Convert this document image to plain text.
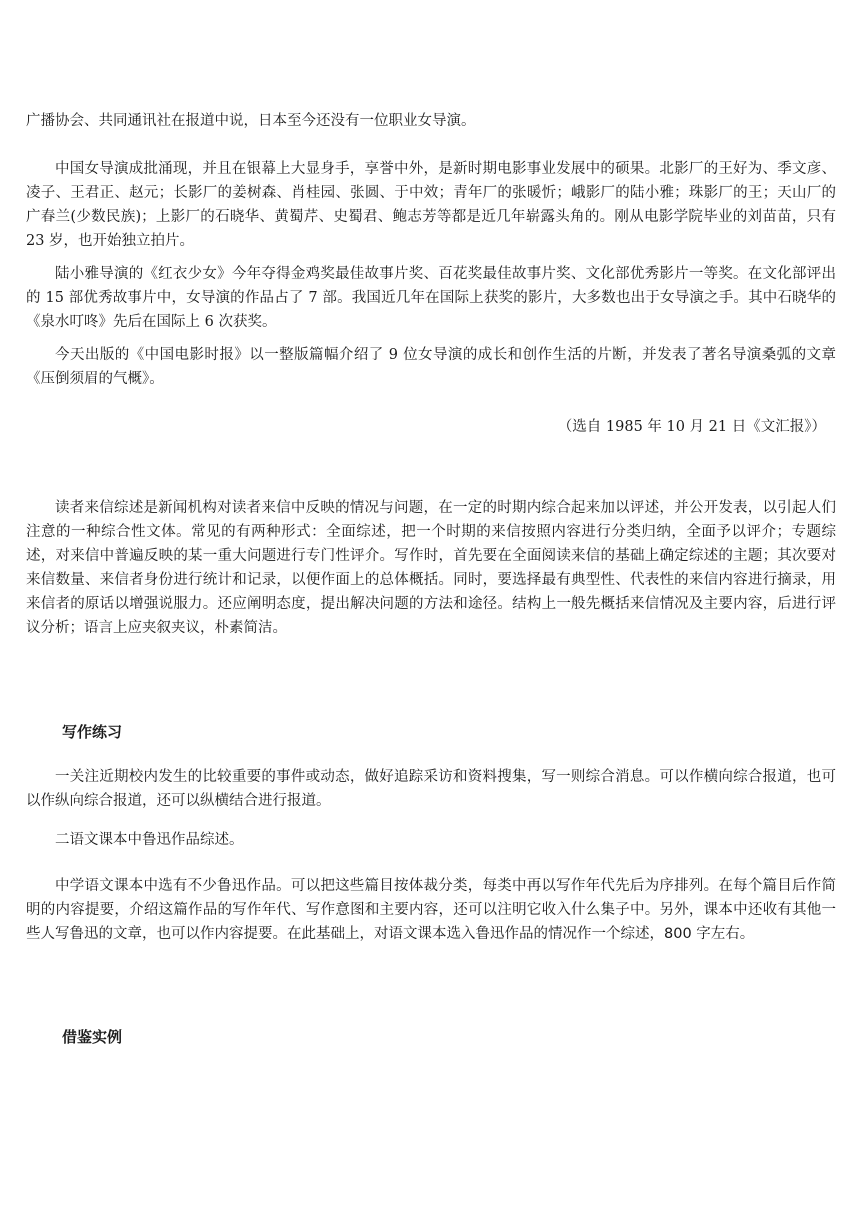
广播协会、共同通讯社在报道中说，日本至今还没有一位职业女导演。

中国女导演成批涌现，并且在银幕上大显身手，享誉中外，是新时期电影事业发展中的硕果。北影厂的王好为、季文彦、凌子、王君正、赵元；长影厂的姜树森、肖桂园、张圆、于中效；青年厂的张暖忻；峨影厂的陆小雅；珠影厂的王；天山厂的广春兰(少数民族)；上影厂的石晓华、黄蜀芹、史蜀君、鲍志芳等都是近几年崭露头角的。刚从电影学院毕业的刘苗苗，只有 23 岁，也开始独立拍片。

陆小雅导演的《红衣少女》今年夺得金鸡奖最佳故事片奖、百花奖最佳故事片奖、文化部优秀影片一等奖。在文化部评出的 15 部优秀故事片中，女导演的作品占了 7 部。我国近几年在国际上获奖的影片，大多数也出于女导演之手。其中石晓华的《泉水叮咚》先后在国际上 6 次获奖。

今天出版的《中国电影时报》以一整版篇幅介绍了 9 位女导演的成长和创作生活的片断，并发表了著名导演桑弧的文章《压倒须眉的气概》。

（选自 1985 年 10 月 21 日《文汇报》）

读者来信综述是新闻机构对读者来信中反映的情况与问题，在一定的时期内综合起来加以评述，并公开发表，以引起人们注意的一种综合性文体。常见的有两种形式：全面综述，把一个时期的来信按照内容进行分类归纳，全面予以评介；专题综述，对来信中普遍反映的某一重大问题进行专门性评介。写作时，首先要在全面阅读来信的基础上确定综述的主题；其次要对来信数量、来信者身份进行统计和记录，以便作面上的总体概括。同时，要选择最有典型性、代表性的来信内容进行摘录，用来信者的原话以增强说服力。还应阐明态度，提出解决问题的方法和途径。结构上一般先概括来信情况及主要内容，后进行评议分析；语言上应夹叙夹议，朴素简洁。

写作练习

一关注近期校内发生的比较重要的事件或动态，做好追踪采访和资料搜集，写一则综合消息。可以作横向综合报道，也可以作纵向综合报道，还可以纵横结合进行报道。

二语文课本中鲁迅作品综述。

中学语文课本中选有不少鲁迅作品。可以把这些篇目按体裁分类，每类中再以写作年代先后为序排列。在每个篇目后作简明的内容提要，介绍这篇作品的写作年代、写作意图和主要内容，还可以注明它收入什么集子中。另外，课本中还收有其他一些人写鲁迅的文章，也可以作内容提要。在此基础上，对语文课本选入鲁迅作品的情况作一个综述，800 字左右。

借鉴实例
